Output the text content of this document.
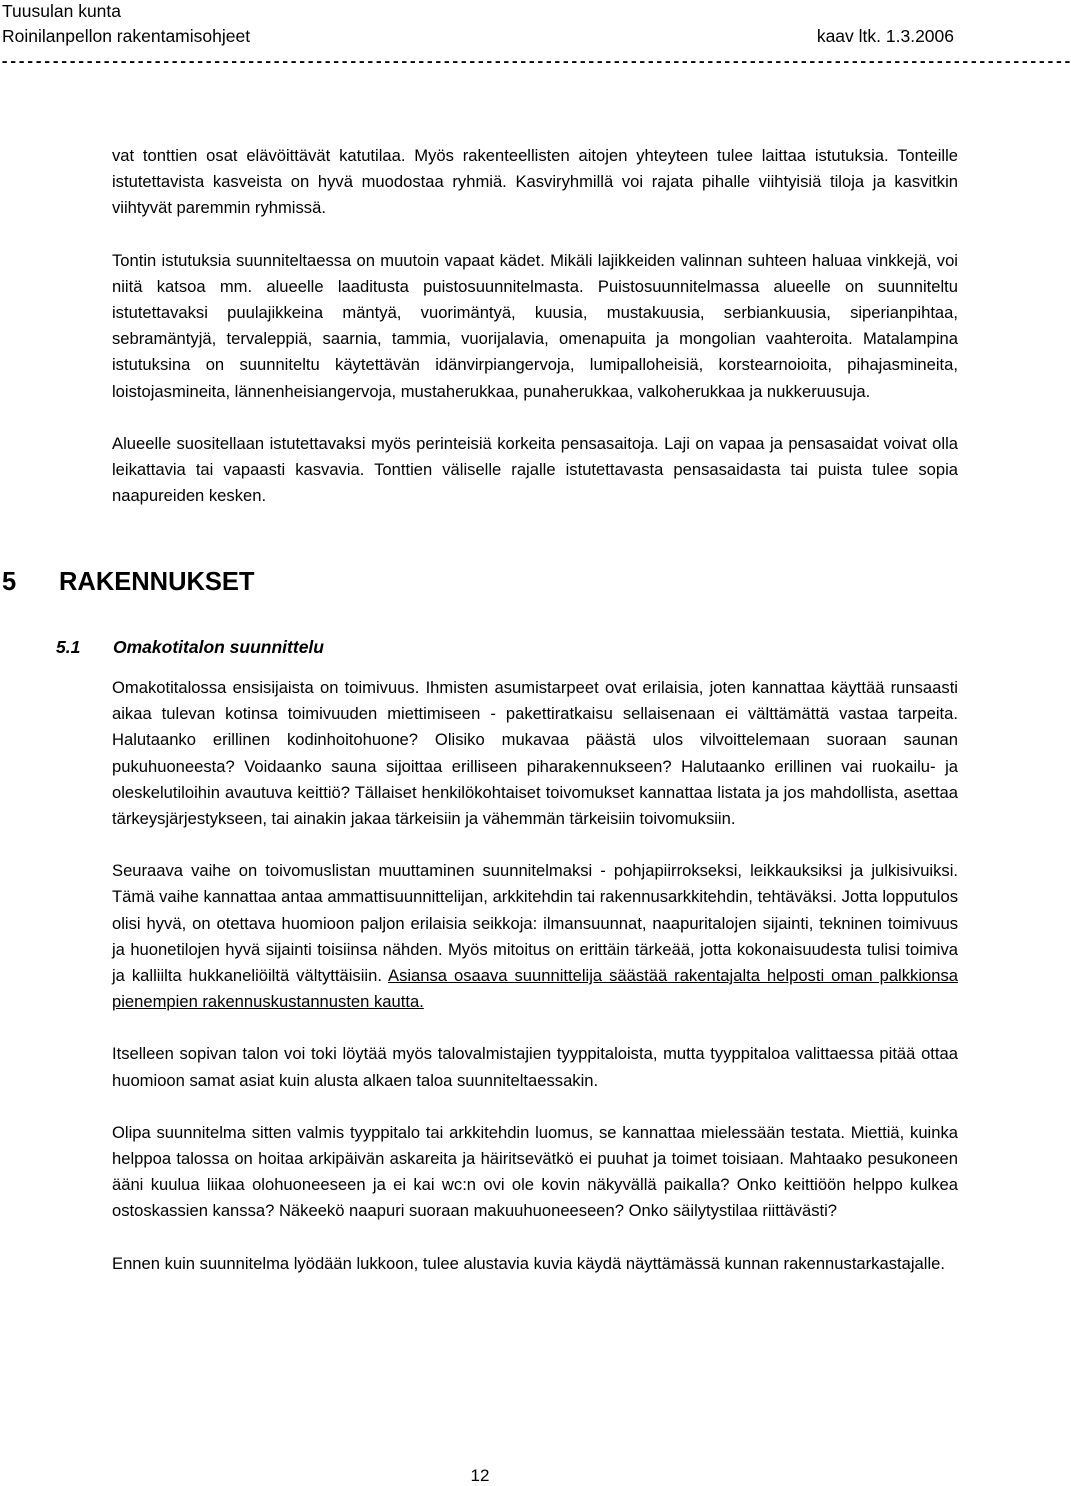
Tuusulan kunta
Roinilanpellon rakentamisohjeet	kaav ltk. 1.3.2006
------------------------------------------------------------------------------------------------------------------------------

vat tonttien osat elävöittävät katutilaa. Myös rakenteellisten aitojen yhteyteen tulee laittaa istutuksia. Tonteille istutettavista kasveista on hyvä muodostaa ryhmiä. Kasviryhmillä voi rajata pihalle viihtyisiä tiloja ja kasvitkin viihtyvät paremmin ryhmissä.

Tontin istutuksia suunniteltaessa on muutoin vapaat kädet. Mikäli lajikkeiden valinnan suhteen haluaa vinkkejä, voi niitä katsoa mm. alueelle laaditusta puistosuunnitelmasta. Puistosuunnitelmassa alueelle on suunniteltu istutettavaksi puulajikkeina mäntyä, vuorimäntyä, kuusia, mustakuusia, serbiankuusia, siperianpihtaa, sebramäntyjä, tervaleppiä, saarnia, tammia, vuorijalavia, omenapuita ja mongolian vaahteroita. Matalampina istutuksina on suunniteltu käytettävän idänvirpiangervoja, lumipalloheisiä, korstearnoioita, pihajasmineita, loistojasmineita, lännenheisiangervoja, mustaherukkaa, punaherukkaa, valkoherukkaa ja nukkeruusuja.

Alueelle suositellaan istutettavaksi myös perinteisiä korkeita pensasaitoja. Laji on vapaa ja pensasaidat voivat olla leikattavia tai vapaasti kasvavia. Tonttien väliselle rajalle istutettavasta pensasaidasta tai puista tulee sopia naapureiden kesken.

5 RAKENNUKSET
5.1 Omakotitalon suunnittelu

Omakotitalossa ensisijaista on toimivuus. Ihmisten asumistarpeet ovat erilaisia, joten kannattaa käyttää runsaasti aikaa tulevan kotinsa toimivuuden miettimiseen - pakettiratkaisu sellaisenaan ei välttämättä vastaa tarpeita. Halutaanko erillinen kodinhoitohuone? Olisiko mukavaa päästä ulos vilvoittelemaan suoraan saunan pukuhuoneesta? Voidaanko sauna sijoittaa erilliseen piharakennukseen? Halutaanko erillinen vai ruokailu- ja oleskelutiloihin avautuva keittiö? Tällaiset henkilökohtaiset toivomukset kannattaa listata ja jos mahdollista, asettaa tärkeysjärjestykseen, tai ainakin jakaa tärkeisiin ja vähemmän tärkeisiin toivomuksiin.

Seuraava vaihe on toivomuslistan muuttaminen suunnitelmaksi - pohjapiirrokseksi, leikkauksiksi ja julkisivuiksi. Tämä vaihe kannattaa antaa ammattisuunnittelijan, arkkitehdin tai rakennusarkkitehdin, tehtäväksi. Jotta lopputulos olisi hyvä, on otettava huomioon paljon erilaisia seikkoja: ilmansuunnat, naapuritalojen sijainti, tekninen toimivuus ja huonetilojen hyvä sijainti toisiinsa nähden. Myös mitoitus on erittäin tärkeää, jotta kokonaisuudesta tulisi toimiva ja kalliilta hukkaneliöiltä vältyttäisiin. Asiansa osaava suunnittelija säästää rakentajalta helposti oman palkkionsa pienempien rakennuskustannusten kautta.

Itselleen sopivan talon voi toki löytää myös talovalmistajien tyyppitaloista, mutta tyyppitaloa valittaessa pitää ottaa huomioon samat asiat kuin alusta alkaen taloa suunniteltaessakin.

Olipa suunnitelma sitten valmis tyyppitalo tai arkkitehdin luomus, se kannattaa mielessään testata. Miettiä, kuinka helppoa talossa on hoitaa arkipäivän askareita ja häiritsevätkö ei puuhat ja toimet toisiaan. Mahtaako pesukoneen ääni kuulua liikaa olohuoneeseen ja ei kai wc:n ovi ole kovin näkyvällä paikalla? Onko keittiöön helppo kulkea ostoskassien kanssa? Näkeekö naapuri suoraan makuuhuoneeseen? Onko säilytystilaa riittävästi?

Ennen kuin suunnitelma lyödään lukkoon, tulee alustavia kuvia käydä näyttämässä kunnan rakennustarkastajalle.

12
